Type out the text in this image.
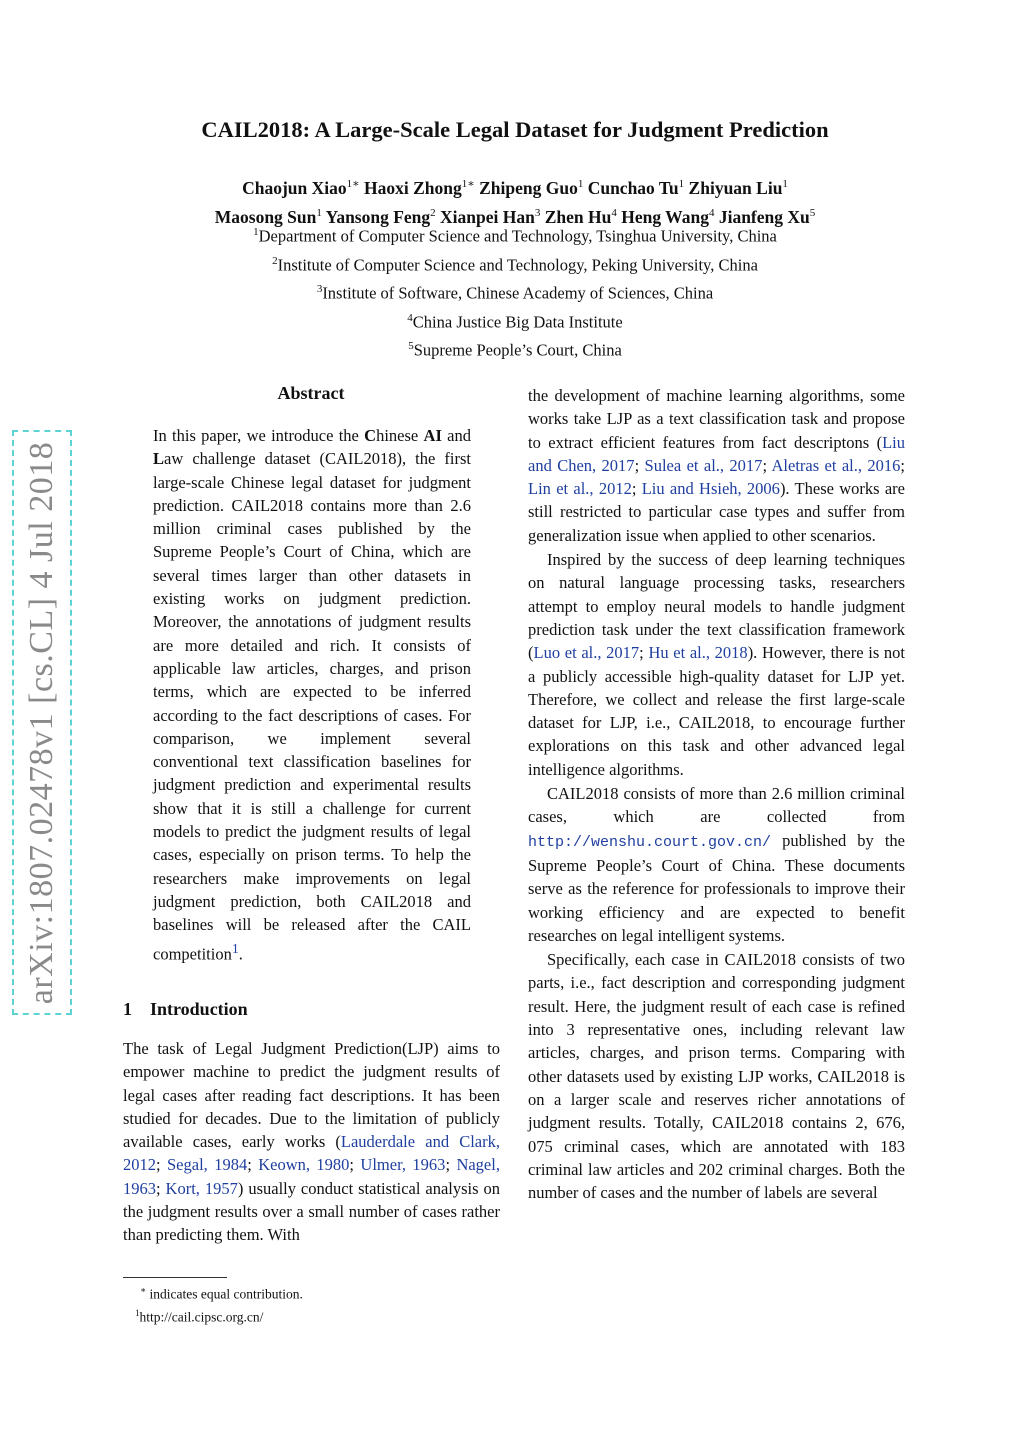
arXiv:1807.02478v1 [cs.CL] 4 Jul 2018
CAIL2018: A Large-Scale Legal Dataset for Judgment Prediction
Chaojun Xiao$^{1∗}$ Haoxi Zhong$^{1∗}$ Zhipeng Guo$^1$ Cunchao Tu$^1$ Zhiyuan Liu$^1$
Maosong Sun$^1$ Yansong Feng$^2$ Xianpei Han$^3$ Zhen Hu$^4$ Heng Wang$^4$ Jianfeng Xu$^5$
$^1$Department of Computer Science and Technology, Tsinghua University, China
$^2$Institute of Computer Science and Technology, Peking University, China
$^3$Institute of Software, Chinese Academy of Sciences, China
$^4$China Justice Big Data Institute
$^5$Supreme People’s Court, China
Abstract
In this paper, we introduce the Chinese AI and Law challenge dataset (CAIL2018), the first large-scale Chinese legal dataset for judgment prediction. CAIL2018 contains more than 2.6 million criminal cases published by the Supreme People’s Court of China, which are several times larger than other datasets in existing works on judgment prediction. Moreover, the annotations of judgment results are more detailed and rich. It consists of applicable law articles, charges, and prison terms, which are expected to be inferred according to the fact descriptions of cases. For comparison, we implement several conventional text classification baselines for judgment prediction and experimental results show that it is still a challenge for current models to predict the judgment results of legal cases, especially on prison terms. To help the researchers make improvements on legal judgment prediction, both CAIL2018 and baselines will be released after the CAIL competition$^1$.
1 Introduction
The task of Legal Judgment Prediction(LJP) aims to empower machine to predict the judgment results of legal cases after reading fact descriptions. It has been studied for decades. Due to the limitation of publicly available cases, early works (Lauderdale and Clark, 2012; Segal, 1984; Keown, 1980; Ulmer, 1963; Nagel, 1963; Kort, 1957) usually conduct statistical analysis on the judgment results over a small number of cases rather than predicting them. With

the development of machine learning algorithms, some works take LJP as a text classification task and propose to extract efficient features from fact descriptons (Liu and Chen, 2017; Sulea et al., 2017; Aletras et al., 2016; Lin et al., 2012; Liu and Hsieh, 2006). These works are still restricted to particular case types and suffer from generalization issue when applied to other scenarios.

Inspired by the success of deep learning techniques on natural language processing tasks, researchers attempt to employ neural models to handle judgment prediction task under the text classification framework (Luo et al., 2017; Hu et al., 2018). However, there is not a publicly accessible high-quality dataset for LJP yet. Therefore, we collect and release the first large-scale dataset for LJP, i.e., CAIL2018, to encourage further explorations on this task and other advanced legal intelligence algorithms.

CAIL2018 consists of more than 2.6 million criminal cases, which are collected from http://wenshu.court.gov.cn/ published by the Supreme People’s Court of China. These documents serve as the reference for professionals to improve their working efficiency and are expected to benefit researches on legal intelligent systems.

Specifically, each case in CAIL2018 consists of two parts, i.e., fact description and corresponding judgment result. Here, the judgment result of each case is refined into 3 representative ones, including relevant law articles, charges, and prison terms. Comparing with other datasets used by existing LJP works, CAIL2018 is on a larger scale and reserves richer annotations of judgment results. Totally, CAIL2018 contains 2, 676, 075 criminal cases, which are annotated with 183 criminal law articles and 202 criminal charges. Both the number of cases and the number of labels are several

∗ indicates equal contribution.
$^1$http://cail.cipsc.org.cn/
